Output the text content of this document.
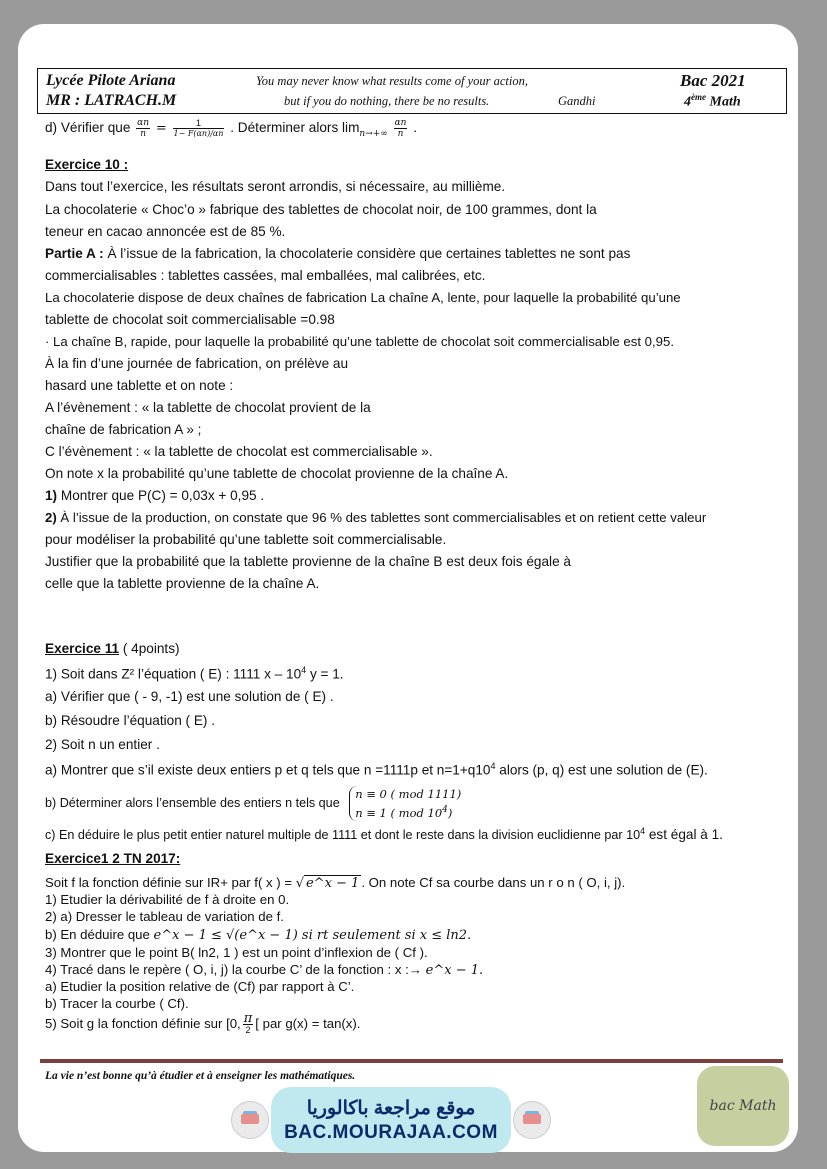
Lycée Pilote Ariana
MR : LATRACH.M
You may never know what results come of your action,
but if you do nothing, there be no results.	Gandhi
Bac 2021
4ème Math
d) Vérifier que $\frac{\alpha n}{n} = \frac{1}{1- F(\alpha n)/\alpha n}$ . Déterminer alors $\lim_{n\to+\infty} \frac{\alpha n}{n}$ .
Exercice 10 :
Dans tout l’exercice, les résultats seront arrondis, si nécessaire, au millième.
La chocolaterie « Choc’o » fabrique des tablettes de chocolat noir, de 100 grammes, dont la
teneur en cacao annoncée est de 85 %.
Partie A : À l’issue de la fabrication, la chocolaterie considère que certaines tablettes ne sont pas
commercialisables : tablettes cassées, mal emballées, mal calibrées, etc.
La chocolaterie dispose de deux chaînes de fabrication La chaîne A, lente, pour laquelle la probabilité qu’une
tablette de chocolat soit commercialisable =0.98
· La chaîne B, rapide, pour laquelle la probabilité qu’une tablette de chocolat soit commercialisable est 0,95.
À la fin d’une journée de fabrication, on prélève au
hasard une tablette et on note :
A l’évènement : « la tablette de chocolat provient de la
chaîne de fabrication A » ;
C l’évènement : « la tablette de chocolat est commercialisable ».
On note x la probabilité qu’une tablette de chocolat provienne de la chaîne A.
1) Montrer que P(C) = 0,03x + 0,95 .
2) À l’issue de la production, on constate que 96 % des tablettes sont commercialisables et on retient cette valeur
pour modéliser la probabilité qu’une tablette soit commercialisable.
Justifier que la probabilité que la tablette provienne de la chaîne B est deux fois égale à
celle que la tablette provienne de la chaîne A.
Exercice 11 ( 4points)
1) Soit dans Z² l’équation ( E) : 1111 x – $10^4$ y = 1.
a) Vérifier que ( - 9, -1) est une solution de ( E) .
b) Résoudre l’équation ( E) .
2) Soit n un entier .
a) Montrer que s’il existe deux entiers p et q tels que n =1111p et $n=1+q10^4$ alors (p, q) est une solution de (E).
b) Déterminer alors l’ensemble des entiers n tels que
n ≡ 0 ( mod 1111)
n ≡ 1 ( mod $10^4$)
c) En déduire le plus petit entier naturel multiple de 1111 et dont le reste dans la division euclidienne par $10^4$ est égal à 1.
Exercice1 2 TN 2017:
Soit f la fonction définie sur IR+ par f( x ) = √ e^x − 1 . On note Cf sa courbe dans un r o n ( O, i, j).
1) Etudier la dérivabilité de f à droite en 0.
2) a) Dresser le tableau de variation de f.
b) En déduire que e^x − 1 ≤ √(e^x − 1) si rt seulement si x ≤ ln2.
3) Montrer que le point B( ln2, 1 ) est un point d’inflexion de ( Cf ).
4) Tracé dans le repère ( O, i, j) la courbe C’ de la fonction : x :→ e^x − 1.
a) Etudier la position relative de (Cf) par rapport à C’.
b) Tracer la courbe ( Cf).
5) Soit g la fonction définie sur [0, $\frac{\pi}{2}$ [ par g(x) = tan(x).
La vie n’est bonne qu’à étudier et à enseigner les mathématiques.
موقع مراجعة باكالوريا
BAC.MOURAJAA.COM
bac Math
